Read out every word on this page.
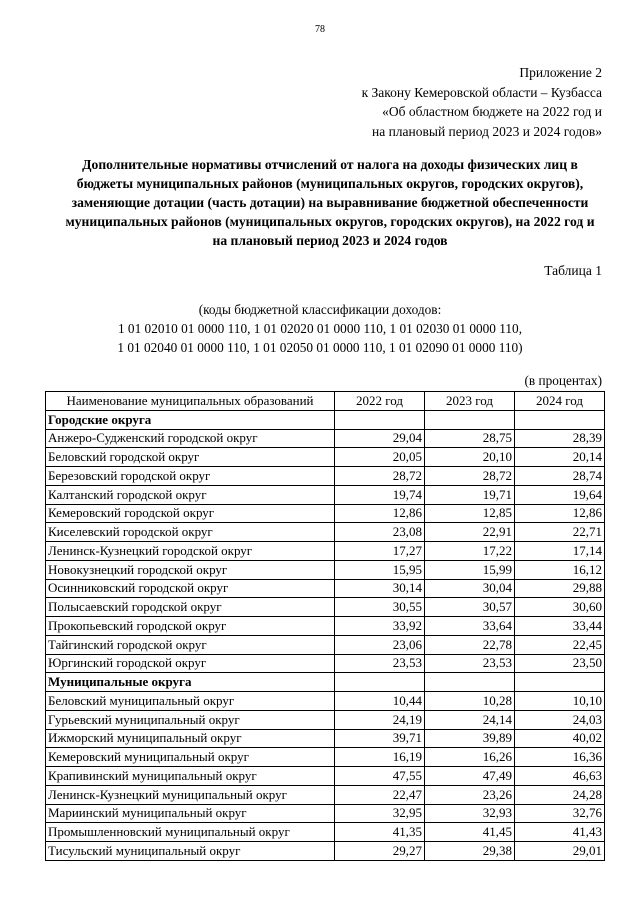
78
Приложение 2
к Закону Кемеровской области – Кузбасса
«Об областном бюджете на 2022 год и
на плановый период 2023 и 2024 годов»
Дополнительные нормативы отчислений от налога на доходы физических лиц в
бюджеты муниципальных районов (муниципальных округов, городских округов),
заменяющие дотации (часть дотации) на выравнивание бюджетной обеспеченности
муниципальных районов (муниципальных округов, городских округов), на 2022 год и
на плановый период 2023 и 2024 годов
Таблица 1
(коды бюджетной классификации доходов:
1 01 02010 01 0000 110, 1 01 02020 01 0000 110, 1 01 02030 01 0000 110,
1 01 02040 01 0000 110, 1 01 02050 01 0000 110, 1 01 02090 01 0000 110)
(в процентах)
Наименование муниципальных образований	2022 год	2023 год	2024 год
Городские округа			
Анжеро-Судженский городской округ	29,04	28,75	28,39
Беловский городской округ	20,05	20,10	20,14
Березовский городской округ	28,72	28,72	28,74
Калтанский городской округ	19,74	19,71	19,64
Кемеровский городской округ	12,86	12,85	12,86
Киселевский городской округ	23,08	22,91	22,71
Ленинск-Кузнецкий городской округ	17,27	17,22	17,14
Новокузнецкий городской округ	15,95	15,99	16,12
Осинниковский городской округ	30,14	30,04	29,88
Полысаевский городской округ	30,55	30,57	30,60
Прокопьевский городской округ	33,92	33,64	33,44
Тайгинский городской округ	23,06	22,78	22,45
Юргинский городской округ	23,53	23,53	23,50
Муниципальные округа			
Беловский муниципальный округ	10,44	10,28	10,10
Гурьевский муниципальный округ	24,19	24,14	24,03
Ижморский муниципальный округ	39,71	39,89	40,02
Кемеровский муниципальный округ	16,19	16,26	16,36
Крапивинский муниципальный округ	47,55	47,49	46,63
Ленинск-Кузнецкий муниципальный округ	22,47	23,26	24,28
Мариинский муниципальный округ	32,95	32,93	32,76
Промышленновский муниципальный округ	41,35	41,45	41,43
Тисульский муниципальный округ	29,27	29,38	29,01
